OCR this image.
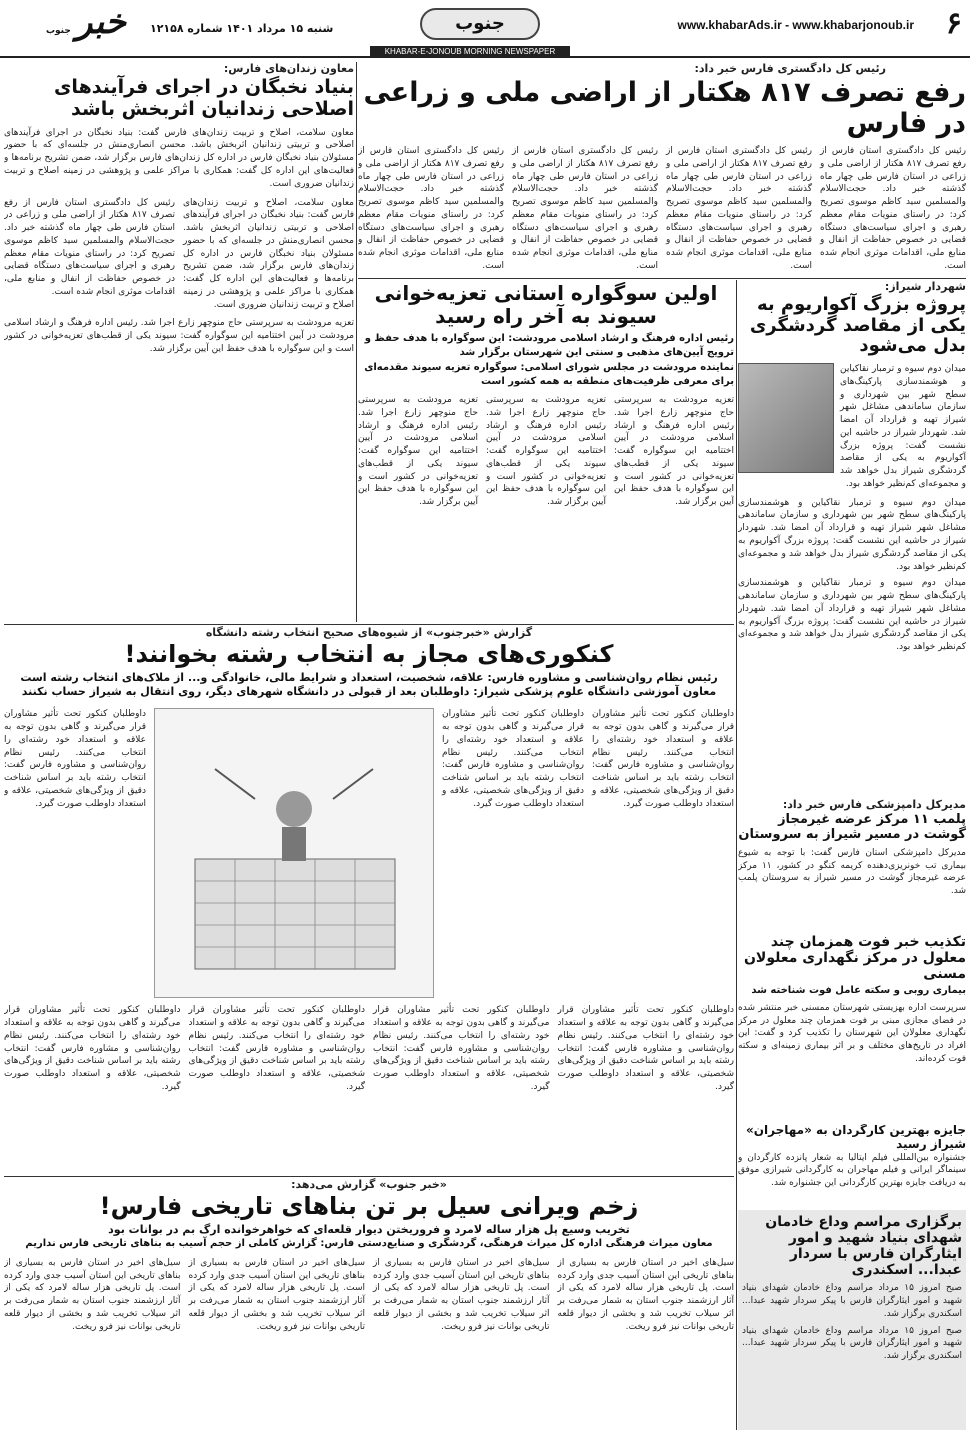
۶
www.khabarAds.ir - www.khabarjonoub.ir
جنوب
شنبه ۱۵ مرداد ۱۴۰۱ شماره ۱۲۱۵۸
خبر جنوب
KHABAR-E-JONOUB MORNING NEWSPAPER
رئیس کل دادگستری فارس خبر داد:
رفع تصرف ۸۱۷ هکتار از اراضی ملی و زراعی در فارس
رئیس کل دادگستری استان فارس از رفع تصرف ۸۱۷ هکتار از اراضی ملی و زراعی در استان فارس طی چهار ماه گذشته خبر داد. حجت‌الاسلام والمسلمین سید کاظم موسوی تصریح کرد: در راستای منویات مقام معظم رهبری و اجرای سیاست‌های دستگاه قضایی در خصوص حفاظت از انفال و منابع ملی، اقدامات موثری انجام شده است.
رئیس کل دادگستری استان فارس از رفع تصرف ۸۱۷ هکتار از اراضی ملی و زراعی در استان فارس طی چهار ماه گذشته خبر داد. حجت‌الاسلام والمسلمین سید کاظم موسوی تصریح کرد: در راستای منویات مقام معظم رهبری و اجرای سیاست‌های دستگاه قضایی در خصوص حفاظت از انفال و منابع ملی، اقدامات موثری انجام شده است.
رئیس کل دادگستری استان فارس از رفع تصرف ۸۱۷ هکتار از اراضی ملی و زراعی در استان فارس طی چهار ماه گذشته خبر داد. حجت‌الاسلام والمسلمین سید کاظم موسوی تصریح کرد: در راستای منویات مقام معظم رهبری و اجرای سیاست‌های دستگاه قضایی در خصوص حفاظت از انفال و منابع ملی، اقدامات موثری انجام شده است.
رئیس کل دادگستری استان فارس از رفع تصرف ۸۱۷ هکتار از اراضی ملی و زراعی در استان فارس طی چهار ماه گذشته خبر داد. حجت‌الاسلام والمسلمین سید کاظم موسوی تصریح کرد: در راستای منویات مقام معظم رهبری و اجرای سیاست‌های دستگاه قضایی در خصوص حفاظت از انفال و منابع ملی، اقدامات موثری انجام شده است.
معاون زندان‌های فارس:
بنیاد نخبگان در اجرای فرآیندهای اصلاحی زندانیان اثربخش باشد
معاون سلامت، اصلاح و تربیت زندان‌های فارس گفت: بنیاد نخبگان در اجرای فرآیندهای اصلاحی و تربیتی زندانیان اثربخش باشد. محسن انصاری‌منش در جلسه‌ای که با حضور مسئولان بنیاد نخبگان فارس در اداره کل زندان‌های فارس برگزار شد، ضمن تشریح برنامه‌ها و فعالیت‌های این اداره کل گفت: همکاری با مراکز علمی و پژوهشی در زمینه اصلاح و تربیت زندانیان ضروری است.
معاون سلامت، اصلاح و تربیت زندان‌های فارس گفت: بنیاد نخبگان در اجرای فرآیندهای اصلاحی و تربیتی زندانیان اثربخش باشد. محسن انصاری‌منش در جلسه‌ای که با حضور مسئولان بنیاد نخبگان فارس در اداره کل زندان‌های فارس برگزار شد، ضمن تشریح برنامه‌ها و فعالیت‌های این اداره کل گفت: همکاری با مراکز علمی و پژوهشی در زمینه اصلاح و تربیت زندانیان ضروری است.
رئیس کل دادگستری استان فارس از رفع تصرف ۸۱۷ هکتار از اراضی ملی و زراعی در استان فارس طی چهار ماه گذشته خبر داد. حجت‌الاسلام والمسلمین سید کاظم موسوی تصریح کرد: در راستای منویات مقام معظم رهبری و اجرای سیاست‌های دستگاه قضایی در خصوص حفاظت از انفال و منابع ملی، اقدامات موثری انجام شده است.
تعزیه مرودشت به سرپرستی حاج منوچهر زارع اجرا شد. رئیس اداره فرهنگ و ارشاد اسلامی مرودشت در آیین اختتامیه این سوگواره گفت: سیوند یکی از قطب‌های تعزیه‌خوانی در کشور است و این سوگواره با هدف حفظ این آیین برگزار شد.
شهردار شیراز:
پروژه بزرگ آکواریوم به یکی از مقاصد گردشگری بدل می‌شود
میدان دوم سیوه و ترمبار نقاکیاین و هوشمندسازی پارکینگ‌های سطح شهر بین شهرداری و سازمان ساماندهی مشاغل شهر شیراز تهیه و قرارداد آن امضا شد. شهردار شیراز در حاشیه این نشست گفت: پروژه بزرگ آکواریوم به یکی از مقاصد گردشگری شیراز بدل خواهد شد و مجموعه‌ای کم‌نظیر خواهد بود.
میدان دوم سیوه و ترمبار نقاکیاین و هوشمندسازی پارکینگ‌های سطح شهر بین شهرداری و سازمان ساماندهی مشاغل شهر شیراز تهیه و قرارداد آن امضا شد. شهردار شیراز در حاشیه این نشست گفت: پروژه بزرگ آکواریوم به یکی از مقاصد گردشگری شیراز بدل خواهد شد و مجموعه‌ای کم‌نظیر خواهد بود.
میدان دوم سیوه و ترمبار نقاکیاین و هوشمندسازی پارکینگ‌های سطح شهر بین شهرداری و سازمان ساماندهی مشاغل شهر شیراز تهیه و قرارداد آن امضا شد. شهردار شیراز در حاشیه این نشست گفت: پروژه بزرگ آکواریوم به یکی از مقاصد گردشگری شیراز بدل خواهد شد و مجموعه‌ای کم‌نظیر خواهد بود.
اولین سوگواره استانی تعزیه‌خوانی سیوند به آخر راه رسید
رئیس اداره فرهنگ و ارشاد اسلامی مرودشت: این سوگواره با هدف حفظ و ترویج آیین‌های مذهبی و سنتی این شهرستان برگزار شد
نماینده مرودشت در مجلس شورای اسلامی: سوگواره تعزیه سیوند مقدمه‌ای برای معرفی ظرفیت‌های منطقه به همه کشور است
تعزیه مرودشت به سرپرستی حاج منوچهر زارع اجرا شد. رئیس اداره فرهنگ و ارشاد اسلامی مرودشت در آیین اختتامیه این سوگواره گفت: سیوند یکی از قطب‌های تعزیه‌خوانی در کشور است و این سوگواره با هدف حفظ این آیین برگزار شد.
تعزیه مرودشت به سرپرستی حاج منوچهر زارع اجرا شد. رئیس اداره فرهنگ و ارشاد اسلامی مرودشت در آیین اختتامیه این سوگواره گفت: سیوند یکی از قطب‌های تعزیه‌خوانی در کشور است و این سوگواره با هدف حفظ این آیین برگزار شد.
تعزیه مرودشت به سرپرستی حاج منوچهر زارع اجرا شد. رئیس اداره فرهنگ و ارشاد اسلامی مرودشت در آیین اختتامیه این سوگواره گفت: سیوند یکی از قطب‌های تعزیه‌خوانی در کشور است و این سوگواره با هدف حفظ این آیین برگزار شد.
گزارش «خبرجنوب» از شیوه‌های صحیح انتخاب رشته دانشگاه
کنکوری‌های مجاز به انتخاب رشته بخوانند!
رئیس نظام روان‌شناسی و مشاوره فارس: علاقه، شخصیت، استعداد و شرایط مالی، خانوادگی و... از ملاک‌های انتخاب رشته است
معاون آموزشی دانشگاه علوم پزشکی شیراز: داوطلبان بعد از قبولی در دانشگاه شهرهای دیگر، روی انتقال به شیراز حساب نکنند
داوطلبان کنکور تحت تأثیر مشاوران قرار می‌گیرند و گاهی بدون توجه به علاقه و استعداد خود رشته‌ای را انتخاب می‌کنند. رئیس نظام روان‌شناسی و مشاوره فارس گفت: انتخاب رشته باید بر اساس شناخت دقیق از ویژگی‌های شخصیتی، علاقه و استعداد داوطلب صورت گیرد.
داوطلبان کنکور تحت تأثیر مشاوران قرار می‌گیرند و گاهی بدون توجه به علاقه و استعداد خود رشته‌ای را انتخاب می‌کنند. رئیس نظام روان‌شناسی و مشاوره فارس گفت: انتخاب رشته باید بر اساس شناخت دقیق از ویژگی‌های شخصیتی، علاقه و استعداد داوطلب صورت گیرد.
داوطلبان کنکور تحت تأثیر مشاوران قرار می‌گیرند و گاهی بدون توجه به علاقه و استعداد خود رشته‌ای را انتخاب می‌کنند. رئیس نظام روان‌شناسی و مشاوره فارس گفت: انتخاب رشته باید بر اساس شناخت دقیق از ویژگی‌های شخصیتی، علاقه و استعداد داوطلب صورت گیرد.
داوطلبان کنکور تحت تأثیر مشاوران قرار می‌گیرند و گاهی بدون توجه به علاقه و استعداد خود رشته‌ای را انتخاب می‌کنند. رئیس نظام روان‌شناسی و مشاوره فارس گفت: انتخاب رشته باید بر اساس شناخت دقیق از ویژگی‌های شخصیتی، علاقه و استعداد داوطلب صورت گیرد.
داوطلبان کنکور تحت تأثیر مشاوران قرار می‌گیرند و گاهی بدون توجه به علاقه و استعداد خود رشته‌ای را انتخاب می‌کنند. رئیس نظام روان‌شناسی و مشاوره فارس گفت: انتخاب رشته باید بر اساس شناخت دقیق از ویژگی‌های شخصیتی، علاقه و استعداد داوطلب صورت گیرد.
داوطلبان کنکور تحت تأثیر مشاوران قرار می‌گیرند و گاهی بدون توجه به علاقه و استعداد خود رشته‌ای را انتخاب می‌کنند. رئیس نظام روان‌شناسی و مشاوره فارس گفت: انتخاب رشته باید بر اساس شناخت دقیق از ویژگی‌های شخصیتی، علاقه و استعداد داوطلب صورت گیرد.
داوطلبان کنکور تحت تأثیر مشاوران قرار می‌گیرند و گاهی بدون توجه به علاقه و استعداد خود رشته‌ای را انتخاب می‌کنند. رئیس نظام روان‌شناسی و مشاوره فارس گفت: انتخاب رشته باید بر اساس شناخت دقیق از ویژگی‌های شخصیتی، علاقه و استعداد داوطلب صورت گیرد.
مدیرکل دامپزشکی فارس خبر داد:
پلمب ۱۱ مرکز عرضه غیرمجاز گوشت در مسیر شیراز به سروستان
مدیرکل دامپزشکی استان فارس گفت: با توجه به شیوع بیماری تب خونریزی‌دهنده کریمه کنگو در کشور، ۱۱ مرکز عرضه غیرمجاز گوشت در مسیر شیراز به سروستان پلمب شد.
تکذیب خبر فوت همزمان چند معلول در مرکز نگهداری معلولان مسنی
بیماری روبی و سکته عامل فوت شناخته شد
سرپرست اداره بهزیستی شهرستان ممسنی خبر منتشر شده در فضای مجازی مبنی بر فوت همزمان چند معلول در مرکز نگهداری معلولان این شهرستان را تکذیب کرد و گفت: این افراد در تاریخ‌های مختلف و بر اثر بیماری زمینه‌ای و سکته فوت کرده‌اند.
جایزه بهترین کارگردان به «مهاجران» شیراز رسید
جشنواره بین‌المللی فیلم ایتالیا به شعار پانزده کارگردان و سینماگر ایرانی و فیلم مهاجران به کارگردانی شیرازی موفق به دریافت جایزه بهترین کارگردانی این جشنواره شد.
برگزاری مراسم وداع خادمان شهدای بنیاد شهید و امور ایثارگران فارس با سردار عبدا... اسکندری
صبح امروز ۱۵ مرداد مراسم وداع خادمان شهدای بنیاد شهید و امور ایثارگران فارس با پیکر سردار شهید عبدا... اسکندری برگزار شد.
صبح امروز ۱۵ مرداد مراسم وداع خادمان شهدای بنیاد شهید و امور ایثارگران فارس با پیکر سردار شهید عبدا... اسکندری برگزار شد.
«خبر جنوب» گزارش می‌دهد:
زخم ویرانی سیل بر تن بناهای تاریخی فارس!
تخریب وسیع پل هزار ساله لامرد و فروریختن دیوار قلعه‌ای که خواهرخوانده ارگ بم در بوانات بود
معاون میراث فرهنگی اداره کل میراث فرهنگی، گردشگری و صنایع‌دستی فارس: گزارش کاملی از حجم آسیب به بناهای تاریخی فارس نداریم
سیل‌های اخیر در استان فارس به بسیاری از بناهای تاریخی این استان آسیب جدی وارد کرده است. پل تاریخی هزار ساله لامرد که یکی از آثار ارزشمند جنوب استان به شمار می‌رفت بر اثر سیلاب تخریب شد و بخشی از دیوار قلعه تاریخی بوانات نیز فرو ریخت.
سیل‌های اخیر در استان فارس به بسیاری از بناهای تاریخی این استان آسیب جدی وارد کرده است. پل تاریخی هزار ساله لامرد که یکی از آثار ارزشمند جنوب استان به شمار می‌رفت بر اثر سیلاب تخریب شد و بخشی از دیوار قلعه تاریخی بوانات نیز فرو ریخت.
سیل‌های اخیر در استان فارس به بسیاری از بناهای تاریخی این استان آسیب جدی وارد کرده است. پل تاریخی هزار ساله لامرد که یکی از آثار ارزشمند جنوب استان به شمار می‌رفت بر اثر سیلاب تخریب شد و بخشی از دیوار قلعه تاریخی بوانات نیز فرو ریخت.
سیل‌های اخیر در استان فارس به بسیاری از بناهای تاریخی این استان آسیب جدی وارد کرده است. پل تاریخی هزار ساله لامرد که یکی از آثار ارزشمند جنوب استان به شمار می‌رفت بر اثر سیلاب تخریب شد و بخشی از دیوار قلعه تاریخی بوانات نیز فرو ریخت.
